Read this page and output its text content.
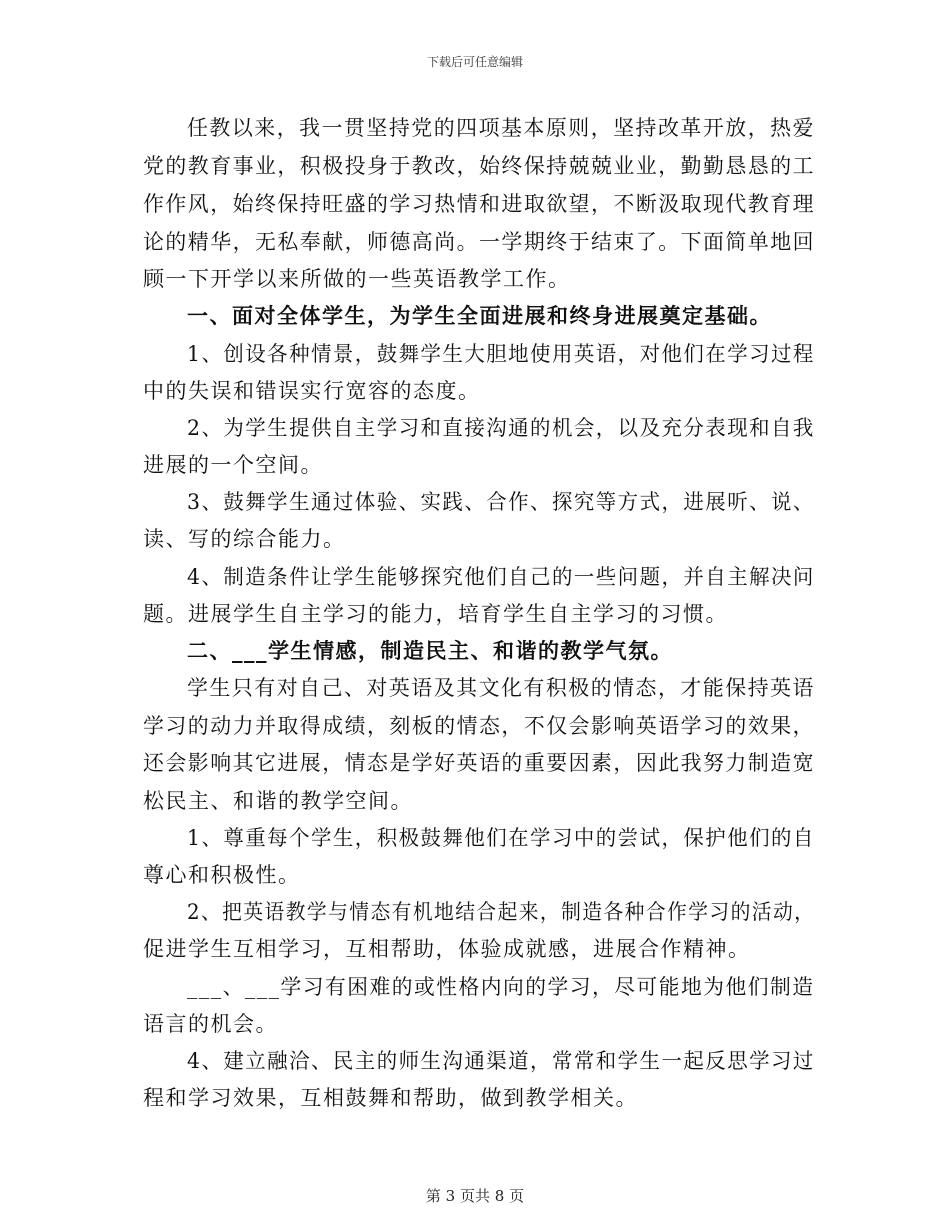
下载后可任意编辑
任教以来，我一贯坚持党的四项基本原则，坚持改革开放，热爱
党的教育事业，积极投身于教改，始终保持兢兢业业，勤勤恳恳的工
作作风，始终保持旺盛的学习热情和进取欲望，不断汲取现代教育理
论的精华，无私奉献，师德高尚。一学期终于结束了。下面简单地回
顾一下开学以来所做的一些英语教学工作。
一、面对全体学生，为学生全面进展和终身进展奠定基础。
1、创设各种情景，鼓舞学生大胆地使用英语，对他们在学习过程
中的失误和错误实行宽容的态度。
2、为学生提供自主学习和直接沟通的机会，以及充分表现和自我
进展的一个空间。
3、鼓舞学生通过体验、实践、合作、探究等方式，进展听、说、
读、写的综合能力。
4、制造条件让学生能够探究他们自己的一些问题，并自主解决问
题。进展学生自主学习的能力，培育学生自主学习的习惯。
二、___学生情感，制造民主、和谐的教学气氛。
学生只有对自己、对英语及其文化有积极的情态，才能保持英语
学习的动力并取得成绩，刻板的情态，不仅会影响英语学习的效果，
还会影响其它进展，情态是学好英语的重要因素，因此我努力制造宽
松民主、和谐的教学空间。
1、尊重每个学生，积极鼓舞他们在学习中的尝试，保护他们的自
尊心和积极性。
2、把英语教学与情态有机地结合起来，制造各种合作学习的活动，
促进学生互相学习，互相帮助，体验成就感，进展合作精神。
___、___学习有困难的或性格内向的学习，尽可能地为他们制造
语言的机会。
4、建立融洽、民主的师生沟通渠道，常常和学生一起反思学习过
程和学习效果，互相鼓舞和帮助，做到教学相关。
第 3 页共 8 页
